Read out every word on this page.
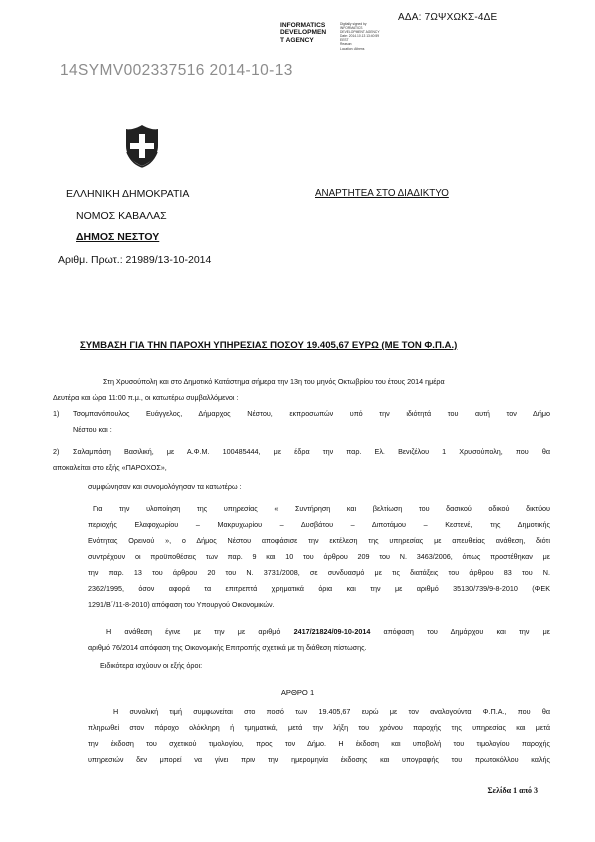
ΑΔΑ: 7ΩΨΧΩΚΣ-4ΔΕ
INFORMATICS
DEVELOPMEN
T AGENCY
Digitally signed by
INFORMATICS
DEVELOPMENT AGENCY
Date: 2014.10.13 13:40:59
EEST
Reason:
Location: Athens
14SYMV002337516 2014-10-13
ΕΛΛΗΝΙΚΗ ΔΗΜΟΚΡΑΤΙΑ
ΝΟΜΟΣ ΚΑΒΑΛΑΣ
ΔΗΜΟΣ ΝΕΣΤΟΥ
Αριθμ. Πρωτ.: 21989/13-10-2014
ΑΝΑΡΤΗΤΕΑ ΣΤΟ ΔΙΑΔΙΚΤΥΟ
ΣΥΜΒΑΣΗ ΓΙΑ ΤΗΝ ΠΑΡΟΧΗ ΥΠΗΡΕΣΙΑΣ ΠΟΣΟΥ 19.405,67 ΕΥΡΩ (ΜΕ ΤΟΝ Φ.Π.Α.)
Στη Χρυσούπολη και στο Δημοτικό Κατάστημα σήμερα την 13η του μηνός Οκτωβρίου του έτους 2014 ημέρα
Δευτέρα και ώρα 11:00 π.μ., οι κατωτέρω συμβαλλόμενοι :
1) Τσομπανόπουλος Ευάγγελος, Δήμαρχος Νέστου, εκπροσωπών υπό την ιδιότητά του αυτή τον Δήμο
Νέστου και :
2) Σαλαμπάση Βασιλική, με Α.Φ.Μ. 100485444, με έδρα την παρ. Ελ. Βενιζέλου 1 Χρυσούπολη, που θα
αποκαλείται στο εξής «ΠΑΡΟΧΟΣ»,
συμφώνησαν και συνομολόγησαν τα κατωτέρω :
Για την υλοποίηση της υπηρεσίας « Συντήρηση και βελτίωση του δασικού οδικού δικτύου
περιοχής Ελαφοχωρίου – Μακρυχωρίου – Δυσβάτου – Διποτάμου – Κεστενέ, της Δημοτικής
Ενότητας Ορεινού », ο Δήμος Νέστου αποφάσισε την εκτέλεση της υπηρεσίας με απευθείας ανάθεση, διότι
συντρέχουν οι προϋποθέσεις των παρ. 9 και 10 του άρθρου 209 του Ν. 3463/2006, όπως προστέθηκαν με
την παρ. 13 του άρθρου 20 του Ν. 3731/2008, σε συνδυασμό με τις διατάξεις του άρθρου 83 του Ν.
2362/1995, όσον αφορά τα επιτρεπτά χρηματικά όρια και την με αριθμό 35130/739/9-8-2010 (ΦΕΚ
1291/Β΄/11-8-2010) απόφαση του Υπουργού Οικονομικών.
Η ανάθεση έγινε με την με αριθμό 2417/21824/09-10-2014 απόφαση του Δημάρχου και την με
αριθμό 76/2014 απόφαση της Οικονομικής Επιτροπής σχετικά με τη διάθεση πίστωσης.
Ειδικότερα ισχύουν οι εξής όροι:
ΑΡΘΡΟ 1
Η συνολική τιμή συμφωνείται στο ποσό των 19.405,67 ευρώ με τον αναλογούντα Φ.Π.Α., που θα
πληρωθεί στον πάροχο ολόκληρη ή τμηματικά, μετά την λήξη του χρόνου παροχής της υπηρεσίας και μετά
την έκδοση του σχετικού τιμολογίου, προς τον Δήμο. Η έκδοση και υποβολή του τιμολογίου παροχής
υπηρεσιών δεν μπορεί να γίνει πριν την ημερομηνία έκδοσης και υπογραφής του πρωτοκόλλου καλής
Σελίδα 1 από 3
